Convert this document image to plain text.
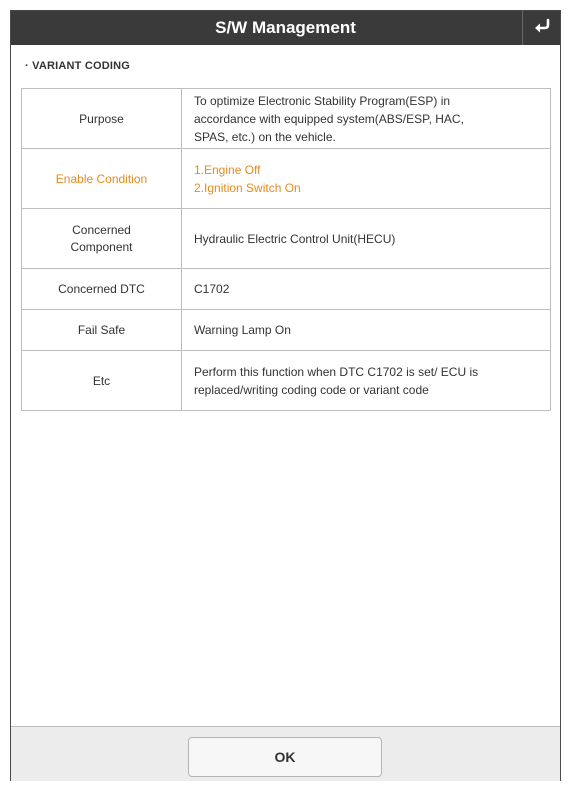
S/W Management
· VARIANT CODING
Purpose	To optimize Electronic Stability Program(ESP) in
accordance with equipped system(ABS/ESP, HAC,
SPAS, etc.) on the vehicle.

Enable Condition	1.Engine Off
2.Ignition Switch On

Concerned
Component	Hydraulic Electric Control Unit(HECU)

Concerned DTC	C1702

Fail Safe	Warning Lamp On

Etc	Perform this function when DTC C1702 is set/ ECU is
replaced/writing coding code or variant code
OK
